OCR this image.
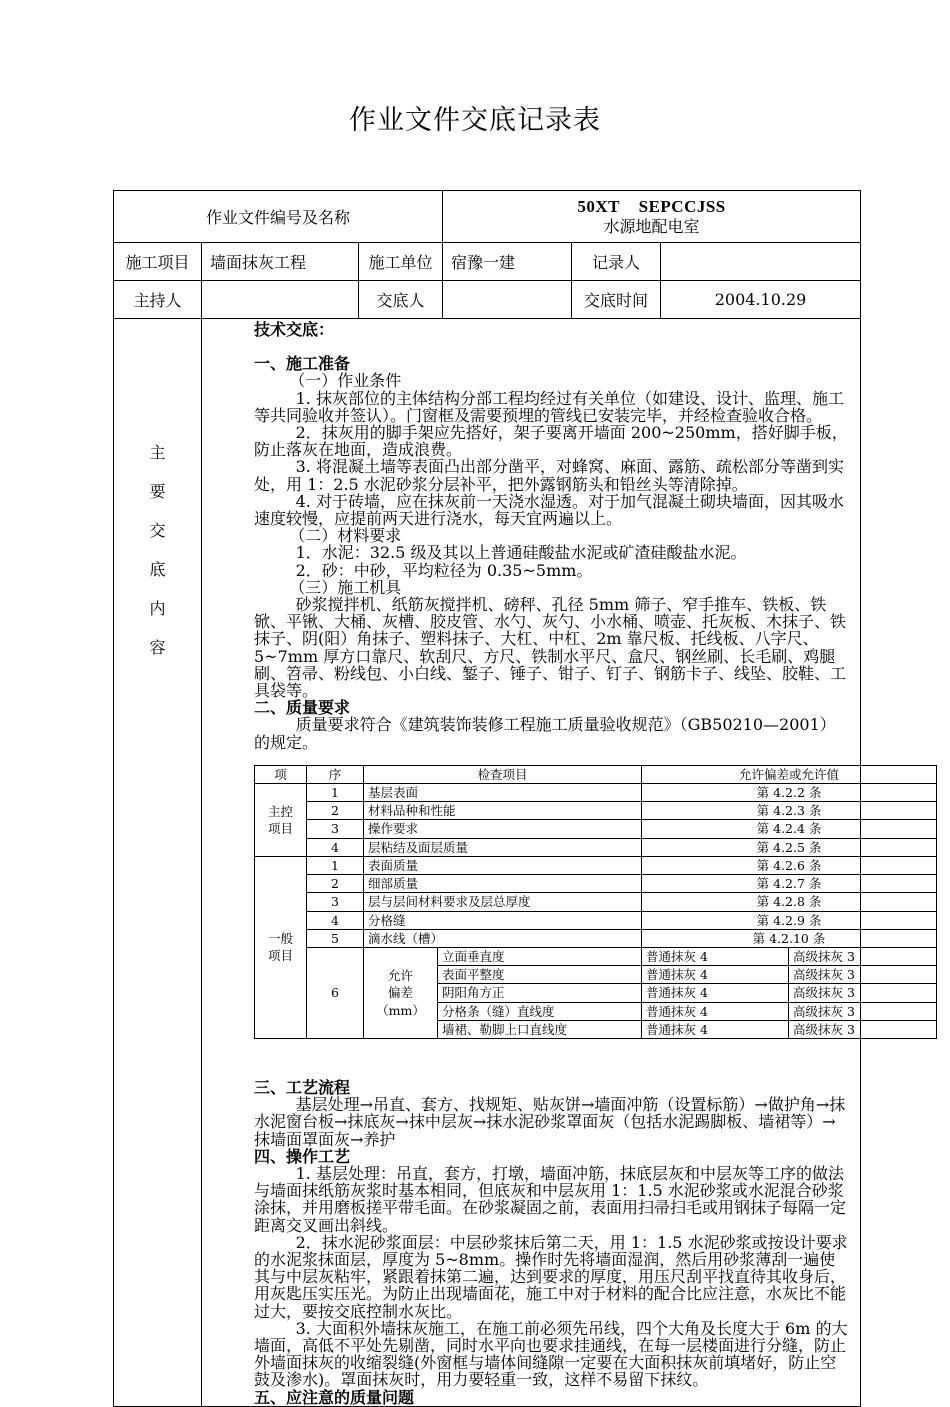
作业文件交底记录表
作业文件编号及名称	
50XT    SEPCCJSS
水源地配电室

施工项目	墙面抹灰工程	施工单位	宿豫一建	记录人	
主持人		交底人		交底时间	2004.10.29

主
要
交
底
内
容

技术交底：

一、施工准备

（一）作业条件

1. 抹灰部位的主体结构分部工程均经过有关单位（如建设、设计、监理、施工等共同验收并签认）。门窗框及需要预埋的管线已安装完毕，并经检查验收合格。

2．抹灰用的脚手架应先搭好，架子要离开墙面 200~250mm，搭好脚手板，防止落灰在地面，造成浪费。

3. 将混凝土墙等表面凸出部分凿平，对蜂窝、麻面、露筋、疏松部分等凿到实处，用 1：2.5 水泥砂浆分层补平，把外露钢筋头和铅丝头等清除掉。

4. 对于砖墙，应在抹灰前一天浇水湿透。对于加气混凝土砌块墙面，因其吸水速度较慢，应提前两天进行浇水，每天宜两遍以上。

（二）材料要求

1．水泥：32.5 级及其以上普通硅酸盐水泥或矿渣硅酸盐水泥。

2．砂：中砂，平均粒径为 0.35~5mm。

（三）施工机具

砂浆搅拌机、纸筋灰搅拌机、磅秤、孔径 5mm 筛子、窄手推车、铁板、铁锨、平锹、大桶、灰槽、胶皮管、水勺、灰勺、小水桶、喷壶、托灰板、木抹子、铁抹子、阴(阳）角抹子、塑料抹子、大杠、中杠、2m 靠尺板、托线板、八字尺、5~7mm 厚方口靠尺、软刮尺、方尺、铁制水平尺、盒尺、钢丝刷、长毛刷、鸡腿刷、笤帚、粉线包、小白线、錾子、锤子、钳子、钉子、钢筋卡子、线坠、胶鞋、工具袋等。

二、质量要求

质量要求符合《建筑装饰装修工程施工质量验收规范》（GB50210—2001）的规定。

项	序	检查项目	允许偏差或允许值
主控
项目	1	基层表面	第 4.2.2 条
2	材料品种和性能	第 4.2.3 条
3	操作要求	第 4.2.4 条
4	层粘结及面层质量	第 4.2.5 条
一般
项目	1	表面质量	第 4.2.6 条
2	细部质量	第 4.2.7 条
3	层与层间材料要求及层总厚度	第 4.2.8 条
4	分格缝	第 4.2.9 条
5	滴水线（槽）	第 4.2.10 条
6	允许
偏差
（mm）	立面垂直度	普通抹灰 4	高级抹灰 3
表面平整度	普通抹灰 4	高级抹灰 3
阴阳角方正	普通抹灰 4	高级抹灰 3
分格条（缝）直线度	普通抹灰 4	高级抹灰 3
墙裙、勒脚上口直线度	普通抹灰 4	高级抹灰 3

三、工艺流程

基层处理→吊直、套方、找规矩、贴灰饼→墙面冲筋（设置标筋）→做护角→抹水泥窗台板→抹底灰→抹中层灰→抹水泥砂浆罩面灰（包括水泥踢脚板、墙裙等）→抹墙面罩面灰→养护

四、操作工艺

1. 基层处理：吊直，套方，打墩，墙面冲筋，抹底层灰和中层灰等工序的做法与墙面抹纸筋灰浆时基本相同，但底灰和中层灰用 1：1.5 水泥砂浆或水泥混合砂浆涂抹，并用磨板搓平带毛面。在砂浆凝固之前，表面用扫帚扫毛或用钢抹子每隔一定距离交叉画出斜线。

2．抹水泥砂浆面层：中层砂浆抹后第二天，用 1：1.5 水泥砂浆或按设计要求的水泥浆抹面层，厚度为 5~8mm。操作时先将墙面湿润，然后用砂浆薄刮一遍使其与中层灰粘牢，紧跟着抹第二遍，达到要求的厚度，用压尺刮平找直待其收身后，用灰匙压实压光。为防止出现墙面花，施工中对于材料的配合比应注意，水灰比不能过大，要按交底控制水灰比。

3. 大面积外墙抹灰施工，在施工前必须先吊线，四个大角及长度大于 6m 的大墙面，高低不平处先剔凿，同时水平向也要求挂通线，在每一层楼面进行分缝，防止外墙面抹灰的收缩裂缝(外窗框与墙体间缝隙一定要在大面积抹灰前填堵好，防止空鼓及渗水)。罩面抹灰时，用力要轻重一致，这样不易留下抹纹。

五、应注意的质量问题
